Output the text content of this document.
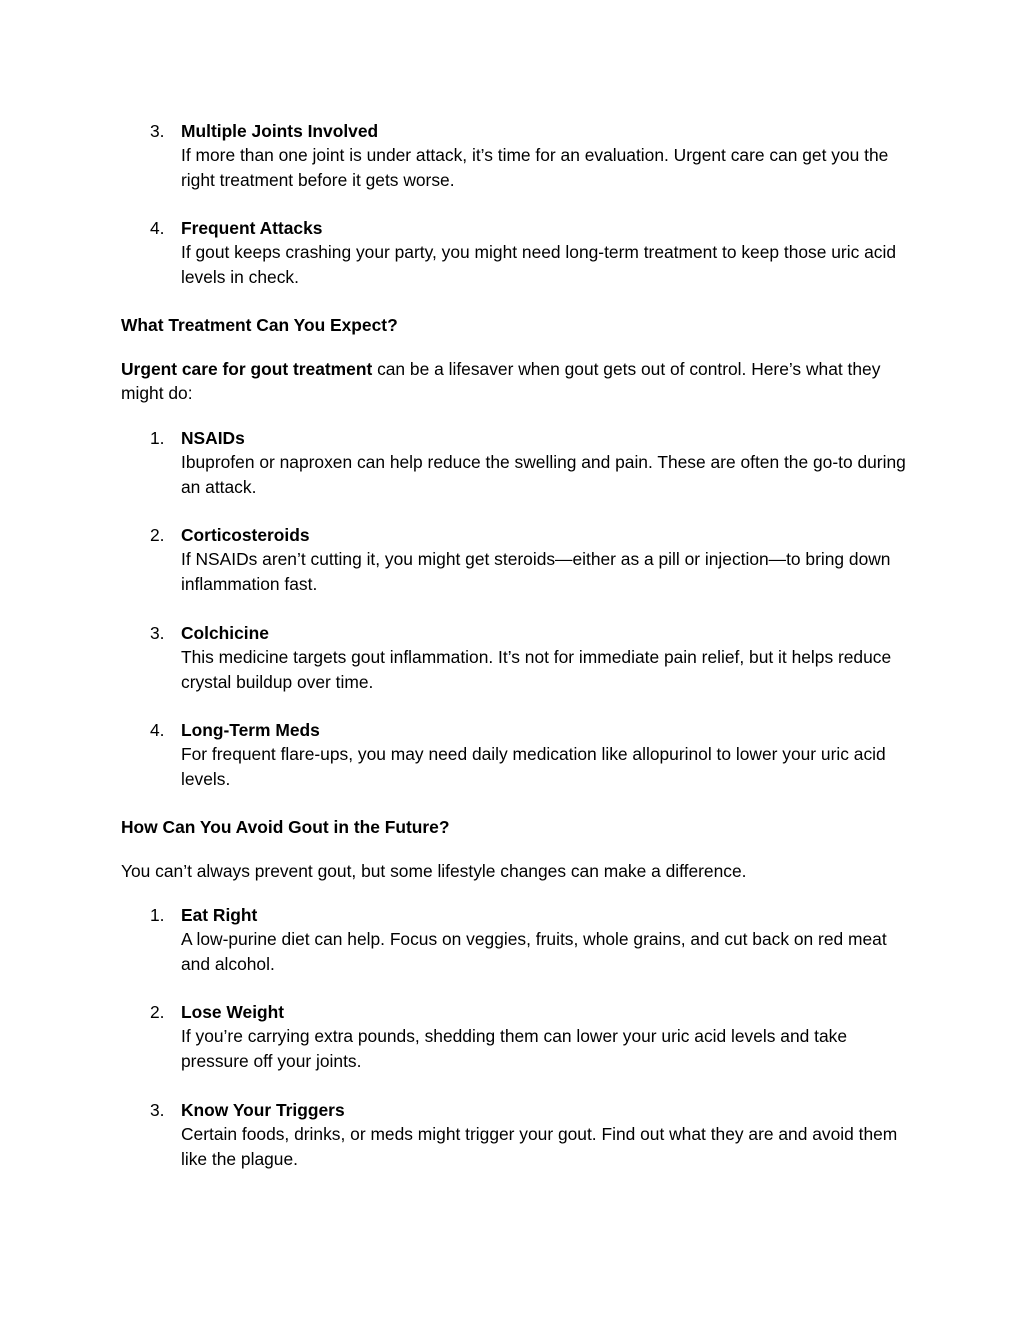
3. Multiple Joints Involved
If more than one joint is under attack, it’s time for an evaluation. Urgent care can get you the right treatment before it gets worse.
4. Frequent Attacks
If gout keeps crashing your party, you might need long-term treatment to keep those uric acid levels in check.

What Treatment Can You Expect?

Urgent care for gout treatment can be a lifesaver when gout gets out of control. Here’s what they might do:

1. NSAIDs
Ibuprofen or naproxen can help reduce the swelling and pain. These are often the go-to during an attack.
2. Corticosteroids
If NSAIDs aren’t cutting it, you might get steroids—either as a pill or injection—to bring down inflammation fast.
3. Colchicine
This medicine targets gout inflammation. It’s not for immediate pain relief, but it helps reduce crystal buildup over time.
4. Long-Term Meds
For frequent flare-ups, you may need daily medication like allopurinol to lower your uric acid levels.

How Can You Avoid Gout in the Future?

You can’t always prevent gout, but some lifestyle changes can make a difference.

1. Eat Right
A low-purine diet can help. Focus on veggies, fruits, whole grains, and cut back on red meat and alcohol.
2. Lose Weight
If you’re carrying extra pounds, shedding them can lower your uric acid levels and take pressure off your joints.
3. Know Your Triggers
Certain foods, drinks, or meds might trigger your gout. Find out what they are and avoid them like the plague.
